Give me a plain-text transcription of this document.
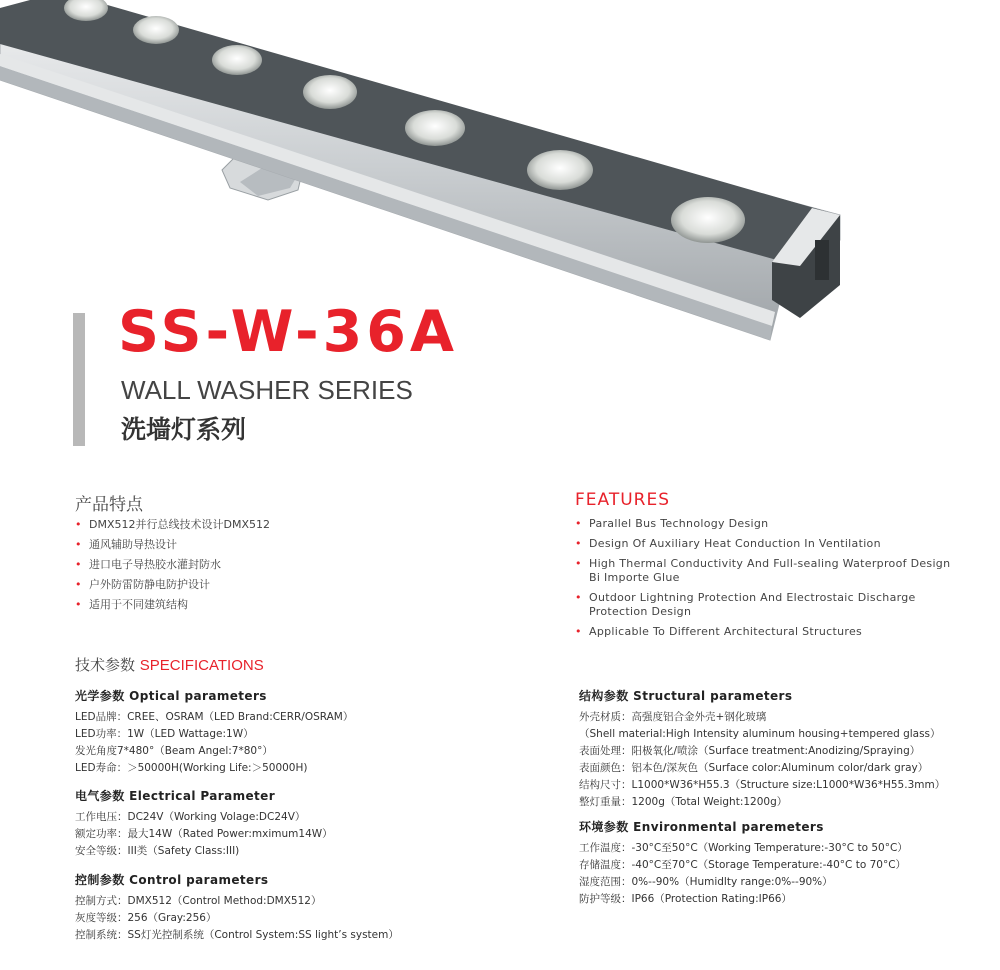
SS-W-36A
WALL WASHER SERIES
洗墙灯系列
产品特点	FEATURES
• DMX512并行总线技术设计DMX512
• 通风辅助导热设计
• 进口电子导热胶水灌封防水
• 户外防雷防静电防护设计
• 适用于不同建筑结构
• Parallel Bus Technology Design
• Design Of Auxiliary Heat Conduction In Ventilation
• High Thermal Conductivity And Full-sealing Waterproof Design Bi Importe Glue
• Outdoor Lightning Protection And Electrostaic Discharge Protection Design
• Applicable To Different Architectural Structures
技术参数 SPECIFICATIONS
光学参数 Optical parameters
LED品牌：CREE、OSRAM（LED Brand:CERR/OSRAM）
LED功率：1W（LED Wattage:1W）
发光角度7*480°（Beam Angel:7*80°）
LED寿命：＞50000H(Working Life:＞50000H)
电气参数 Electrical Parameter
工作电压：DC24V（Working Volage:DC24V）
额定功率：最大14W（Rated Power:mximum14W）
安全等级：III类（Safety Class:III)
控制参数 Control parameters
控制方式：DMX512（Control Method:DMX512）
灰度等级：256（Gray:256）
控制系统：SS灯光控制系统（Control System:SS light’s system）
结构参数 Structural parameters
外壳材质：高强度铝合金外壳+钢化玻璃
（Shell material:High Intensity aluminum housing+tempered glass）
表面处理：阳极氧化/喷涂（Surface treatment:Anodizing/Spraying）
表面颜色：铝本色/深灰色（Surface color:Aluminum color/dark gray）
结构尺寸：L1000*W36*H55.3（Structure size:L1000*W36*H55.3mm）
整灯重量：1200g（Total Weight:1200g）
环境参数 Environmental paremeters
工作温度：-30°C至50°C（Working Temperature:-30°C to 50°C）
存储温度：-40°C至70°C（Storage Temperature:-40°C to 70°C）
湿度范围：0%--90%（Humidlty range:0%--90%）
防护等级：IP66（Protection Rating:IP66）
